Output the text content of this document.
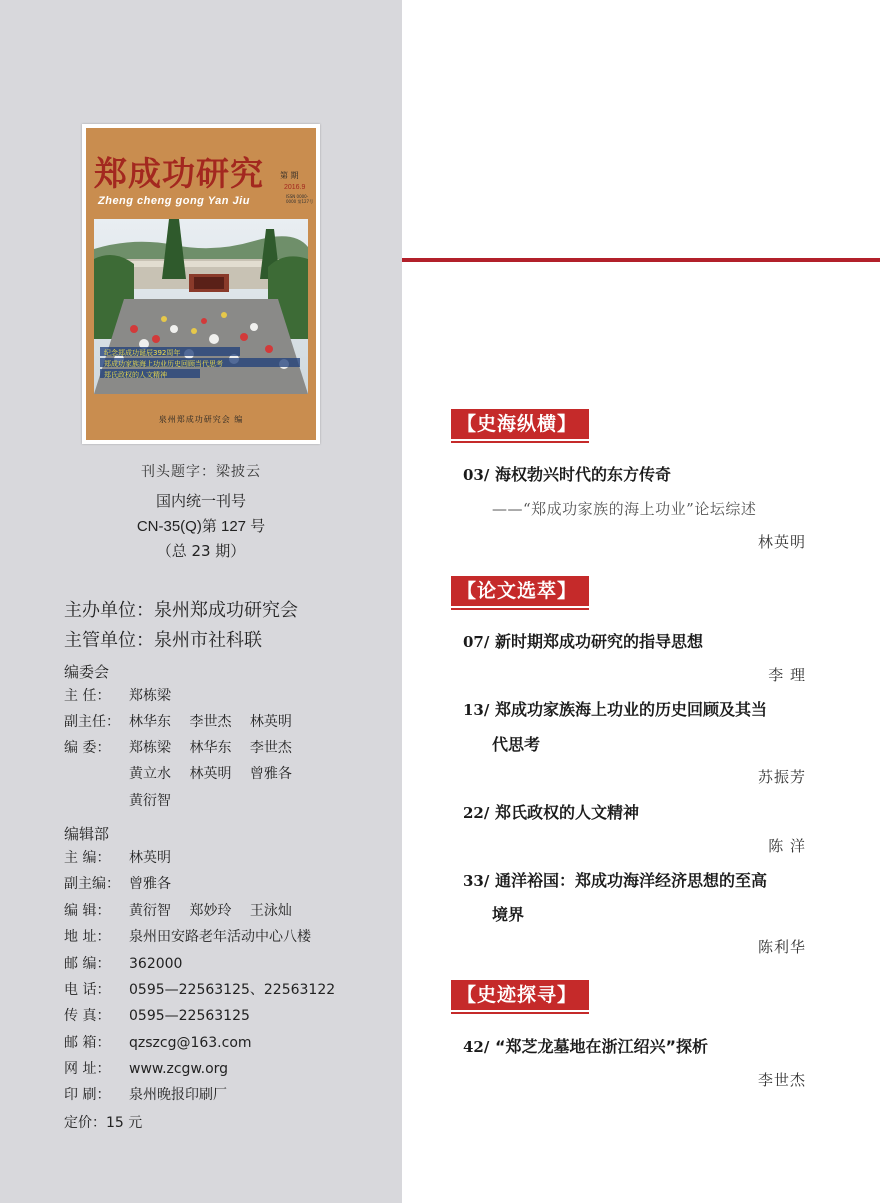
郑成功研究
Zheng cheng gong Yan Jiu
第 期
2016.9
ISSN 0000-0000 第127号
纪念郑成功诞辰392周年
郑成功家族海上功业历史回顾当代思考
郑氏政权的人文精神
泉州郑成功研究会 编
刊头题字：梁披云
国内统一刊号
CN-35(Q)第 127 号
（总 23 期）
主办单位：泉州郑成功研究会
主管单位：泉州市社科联
编委会
主 任： 郑栋梁
副主任： 林华东 李世杰 林英明
编 委： 郑栋梁 林华东 李世杰
黄立水 林英明 曾雅各
黄衍智
编辑部
主 编： 林英明
副主编： 曾雅各
编 辑： 黄衍智 郑妙玲 王泳灿
地 址： 泉州田安路老年活动中心八楼
邮 编： 362000
电 话： 0595—22563125、22563122
传 真： 0595—22563125
邮 箱： qzszcg@163.com
网 址： www.zcgw.org
印 刷： 泉州晚报印刷厂
定价：15 元
【史海纵横】
03/ 海权勃兴时代的东方传奇
——“郑成功家族的海上功业”论坛综述
林英明
【论文选萃】
07/ 新时期郑成功研究的指导思想
李 理
13/ 郑成功家族海上功业的历史回顾及其当
代思考
苏振芳
22/ 郑氏政权的人文精神
陈 洋
33/ 通洋裕国：郑成功海洋经济思想的至高
境界
陈利华
【史迹探寻】
42/ “郑芝龙墓地在浙江绍兴”探析
李世杰
